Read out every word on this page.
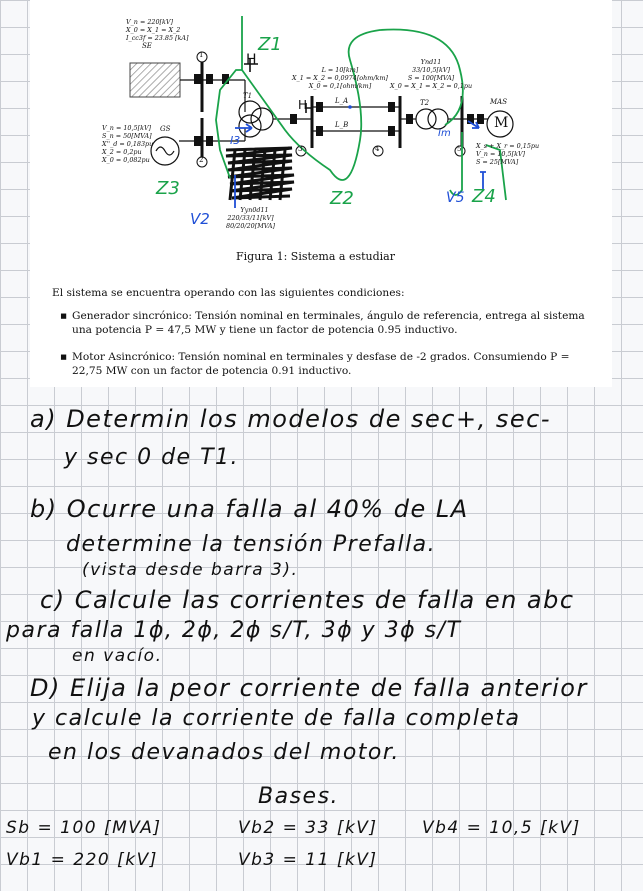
1
2
3	4	5
V_n = 220[kV]
X_0 = X_1 = X_2
I_cc3f = 23.85 [kA]
SE
V_n = 10,5[kV]
S_n = 50[MVA]
X''_d = 0,183pu
X_2 = 0,2pu
X_0 = 0,082pu
GS
L = 10[km]
X_1 = X_2 = 0,0974[ohm/km]
X_0 = 0,1[ohm/km]
L_A
L_B
T1
Yyn0d11
220/33/11[kV]
80/20/20[MVA]
T2
Ynd11
33/10,5[kV]
S = 100[MVA]
X_0 = X_1 = X_2 = 0,1pu
MAS
M
X_s + X_r = 0,15pu
V_n = 10,5[kV]
S = 25[MVA]
Z1
Z2
Z3	Z4
V2
V5
I3
Im
H
H
Figura 1: Sistema a estudiar
El sistema se encuentra operando con las siguientes condiciones:
▪ Generador sincrónico: Tensión nominal en terminales, ángulo de referencia, entrega al sistema una potencia P = 47,5 MW y tiene un factor de potencia 0.95 inductivo.
▪ Motor Asincrónico: Tensión nominal en terminales y desfase de -2 grados. Consumiendo P = 22,75 MW con un factor de potencia 0.91 inductivo.
a) Determin los modelos de sec+, sec-
y sec 0 de T1.
b) Ocurre una falla al 40% de LA
determine la tensión Prefalla.
(vista desde barra 3).
c) Calcule las corrientes de falla en abc
para falla 1ϕ, 2ϕ, 2ϕ s/T, 3ϕ y 3ϕ s/T
en vacío.
D) Elija la peor corriente de falla anterior
y calcule la corriente de falla completa
en los devanados del motor.
Bases.
Sb = 100 [MVA]	Vb2 = 33 [kV]	Vb4 = 10,5 [kV]
Vb1 = 220 [kV]	Vb3 = 11 [kV]
